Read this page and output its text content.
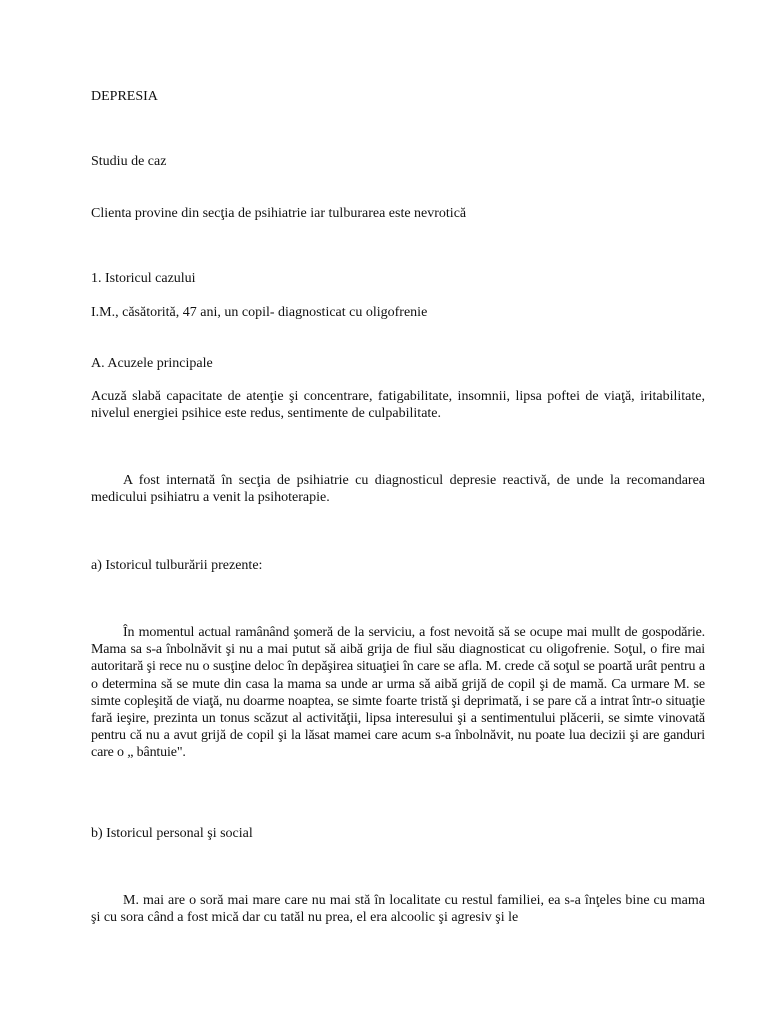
DEPRESIA
Studiu de caz
Clienta provine din secţia de psihiatrie iar tulburarea este nevrotică
1. Istoricul cazului
I.M., căsătorită, 47 ani, un copil- diagnosticat cu oligofrenie
A. Acuzele principale
Acuză slabă capacitate de atenţie şi concentrare, fatigabilitate, insomnii, lipsa poftei de viaţă, iritabilitate, nivelul energiei psihice este redus, sentimente de culpabilitate.
A fost internată în secţia de psihiatrie cu diagnosticul depresie reactivă, de unde la recomandarea medicului psihiatru a venit la psihoterapie.
a) Istoricul tulburării prezente:
În momentul actual ramânând şomeră de la serviciu, a fost nevoită să se ocupe mai mullt de gospodărie. Mama sa s-a înbolnăvit şi nu a mai putut să aibă grija de fiul său diagnosticat cu oligofrenie. Soţul, o fire mai autoritară şi rece nu o susţine deloc în depăşirea situaţiei în care se afla. M. crede că soţul se poartă urât pentru a o determina să se mute din casa la mama sa unde ar urma să aibă grijă de copil şi de mamă. Ca urmare M. se simte copleşită de viaţă, nu doarme noaptea, se simte foarte tristă şi deprimată, i se pare că a intrat într-o situaţie fară ieşire, prezinta un tonus scăzut al activităţii, lipsa interesului şi a sentimentului plăcerii, se simte vinovată pentru că nu a avut grijă de copil şi la lăsat mamei care acum s-a înbolnăvit, nu poate lua decizii şi are ganduri care o „ bântuie".
b) Istoricul personal şi social
M. mai are o soră mai mare care nu mai stă în localitate cu restul familiei, ea s-a înţeles bine cu mama şi cu sora când a fost mică dar cu tatăl nu prea, el era alcoolic şi agresiv şi le
